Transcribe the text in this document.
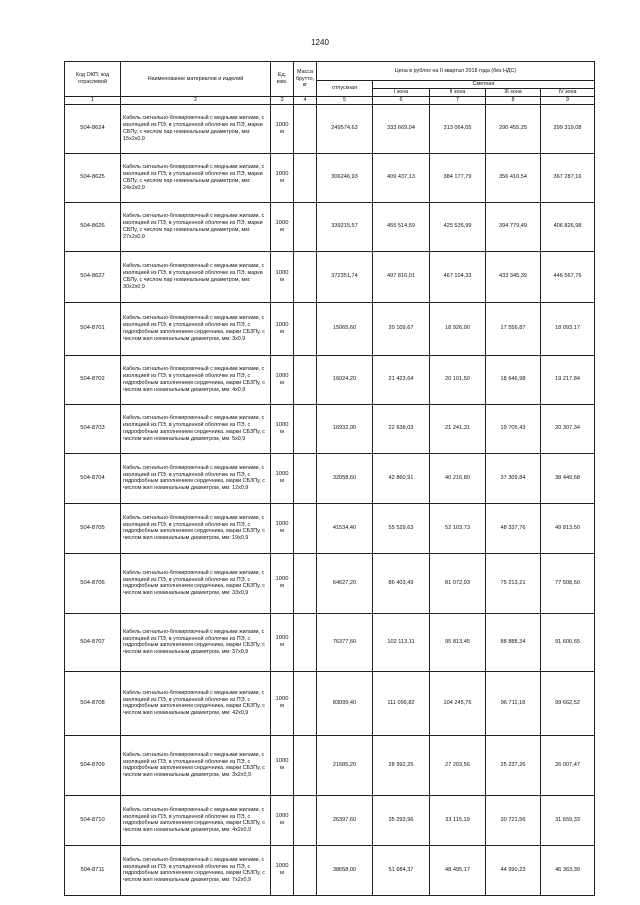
1240
Код ОКП; код отраслевой	Наименование материалов и изделий	Ед. изм.	Масса брутто, кг	Цена в рублях на II квартал 2018 года (без НДС)				
				отпускная	Сметная			
					I зона	II зона	III зона	IV зона
1	2	3	4	5	6	7	8	9
504-8624	Кабель сигнально-блокировочный с медными жилами, с изоляцией из ПЭ, в утолщенной оболочке из ПЭ, марки СБПу, с числом пар номинальным диаметром, мм: 15x2x0,9	1000 м		249574,63	333 669,04	313 064,05	290 455,25	299 319,08
504-8625	Кабель сигнально-блокировочный с медными жилами, с изоляцией из ПЭ, в утолщенной оболочке из ПЭ, марки СБПу, с числом пар номинальным диаметром, мм: 24x2x0,9	1000 м		306246,93	409 437,13	384 177,79	356 410,54	367 287,16
504-8626	Кабель сигнально-блокировочный с медными жилами, с изоляцией из ПЭ, в утолщенной оболочке из ПЭ, марки СБПу, с числом пар номинальным диаметром, мм: 27x2x0,9	1000 м		339215,57	455 514,59	425 535,99	394 779,49	406 826,98
504-8627	Кабель сигнально-блокировочный с медными жилами, с изоляцией из ПЭ, в утолщенной оболочке из ПЭ, марки СБПу, с числом пар номинальным диаметром, мм: 30x2x0,9	1000 м		372351,74	497 816,01	467 104,33	433 345,39	446 567,76
504-8701	Кабель сигнально-блокировочный с медными жилами, с изоляцией из ПЭ, в утолщенной оболочке из ПЭ, с гидрофобным заполнением сердечника, марки СБЗПу, с числом жил номинальным диаметром, мм: 3x0,9	1000 м		15065,60	20 109,67	18 926,00	17 556,87	18 093,17
504-8702	Кабель сигнально-блокировочный с медными жилами, с изоляцией из ПЭ, в утолщенной оболочке из ПЭ, с гидрофобным заполнением сердечника, марки СБЗПу, с числом жил номинальным диаметром, мм: 4x0,9	1000 м		16024,20	21 423,64	20 101,50	18 646,98	19 217,84
504-8703	Кабель сигнально-блокировочный с медными жилами, с изоляцией из ПЭ, в утолщенной оболочке из ПЭ, с гидрофобным заполнением сердечника, марки СБЗПу, с числом жил номинальным диаметром, мм: 5x0,9	1000 м		16932,00	22 638,03	21 241,31	19 705,43	20 307,34
504-8704	Кабель сигнально-блокировочный с медными жилами, с изоляцией из ПЭ, в утолщенной оболочке из ПЭ, с гидрофобным заполнением сердечника, марки СБЗПу, с числом жил номинальным диаметром, мм: 12x0,9	1000 м		32058,60	42 860,91	40 216,80	37 309,84	38 449,68
504-8705	Кабель сигнально-блокировочный с медными жилами, с изоляцией из ПЭ, в утолщенной оболочке из ПЭ, с гидрофобным заполнением сердечника, марки СБЗПу, с числом жил номинальным диаметром, мм: 19x0,9	1000 м		41534,40	55 529,63	52 103,73	48 337,76	49 813,50
504-8706	Кабель сигнально-блокировочный с медными жилами, с изоляцией из ПЭ, в утолщенной оболочке из ПЭ, с гидрофобным заполнением сердечника, марки СБЗПу, с числом жил номинальным диаметром, мм: 33x0,9	1000 м		64627,20	86 403,49	81 072,93	75 213,21	77 508,50
504-8707	Кабель сигнально-блокировочный с медными жилами, с изоляцией из ПЭ, в утолщенной оболочке из ПЭ, с гидрофобным заполнением сердечника, марки СБЗПу, с числом жил номинальным диаметром, мм: 37x0,9	1000 м		76377,60	102 113,11	95 813,45	88 888,34	91 600,65
504-8708	Кабель сигнально-блокировочный с медными жилами, с изоляцией из ПЭ, в утолщенной оболочке из ПЭ, с гидрофобным заполнением сердечника, марки СБЗПу, с числом жил номинальным диаметром, мм: 42x0,9	1000 м		83099,40	111 099,82	104 245,76	96 711,18	99 662,52
504-8709	Кабель сигнально-блокировочный с медными жилами, с изоляцией из ПЭ, в утолщенной оболочке из ПЭ, с гидрофобным заполнением сердечника, марки СБЗПу, с числом жил номинальным диаметром, мм: 3x2x0,9	1000 м		21685,20	28 992,25	27 203,56	25 237,26	26 007,47
504-8710	Кабель сигнально-блокировочный с медными жилами, с изоляцией из ПЭ, в утолщенной оболочке из ПЭ, с гидрофобным заполнением сердечника, марки СБЗПу, с числом жил номинальным диаметром, мм: 4x2x0,9	1000 м		26397,60	35 293,96	33 115,19	30 721,56	31 659,33
504-8711	Кабель сигнально-блокировочный с медными жилами, с изоляцией из ПЭ, в утолщенной оболочке из ПЭ, с гидрофобным заполнением сердечника, марки СБЗПу, с числом жил номинальным диаметром, мм: 7x2x0,9	1000 м		38658,00	51 684,37	48 495,17	44 990,23	46 363,39
